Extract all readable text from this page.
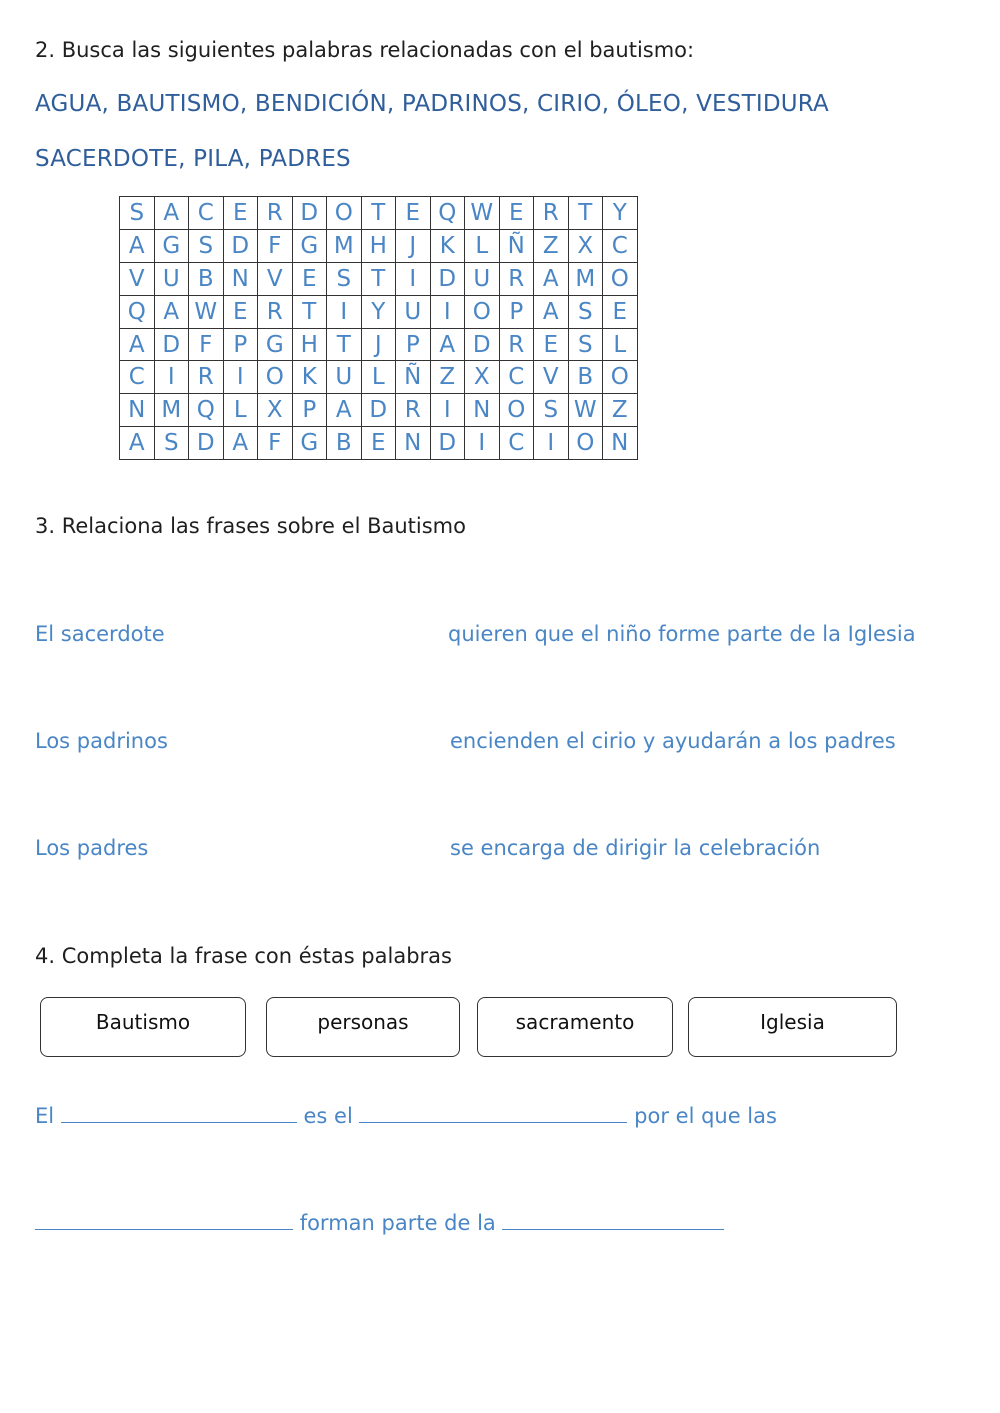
2. Busca las siguientes palabras relacionadas con el bautismo:
AGUA, BAUTISMO, BENDICIÓN, PADRINOS, CIRIO, ÓLEO, VESTIDURA
SACERDOTE, PILA, PADRES
S	A	C	E	R	D	O	T	E	Q	W	E	R	T	Y
A	G	S	D	F	G	M	H	J	K	L	Ñ	Z	X	C
V	U	B	N	V	E	S	T	I	D	U	R	A	M	O
Q	A	W	E	R	T	I	Y	U	I	O	P	A	S	E
A	D	F	P	G	H	T	J	P	A	D	R	E	S	L
C	I	R	I	O	K	U	L	Ñ	Z	X	C	V	B	O
N	M	Q	L	X	P	A	D	R	I	N	O	S	W	Z
A	S	D	A	F	G	B	E	N	D	I	C	I	O	N
3. Relaciona las frases sobre el Bautismo
El sacerdote	quieren que el niño forme parte de la Iglesia
Los padrinos	encienden el cirio y ayudarán a los padres
Los padres	se encarga de dirigir la celebración
4. Completa la frase con éstas palabras
Bautismo	personas	sacramento	Iglesia
El	es el	por el que las
forman parte de la
